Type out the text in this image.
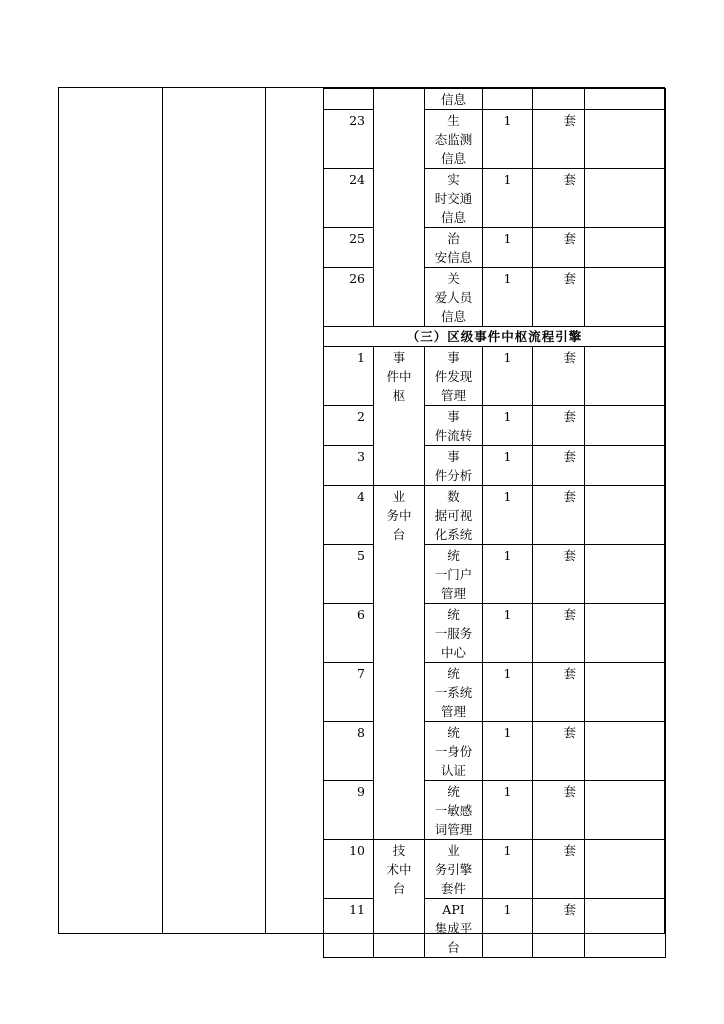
		信息			

23		生
态监测
信息	1	套	
24		实
时交通
信息	1	套	
25		治
安信息	1	套	
26		关
爱人员
信息	1	套	
（三）区级事件中枢流程引擎					
1	事
件中
枢	事
件发现
管理	1	套	
2		事
件流转	1	套	
3		事
件分析	1	套	
4	业
务中
台	数
据可视
化系统	1	套	
5		统
一门户
管理	1	套	
6		统
一服务
中心	1	套	
7		统
一系统
管理	1	套	
8		统
一身份
认证	1	套	
9		统
一敏感
词管理	1	套	
10	技
术中
台	业
务引擎
套件	1	套	
11		API
集成平
台	1	套	
